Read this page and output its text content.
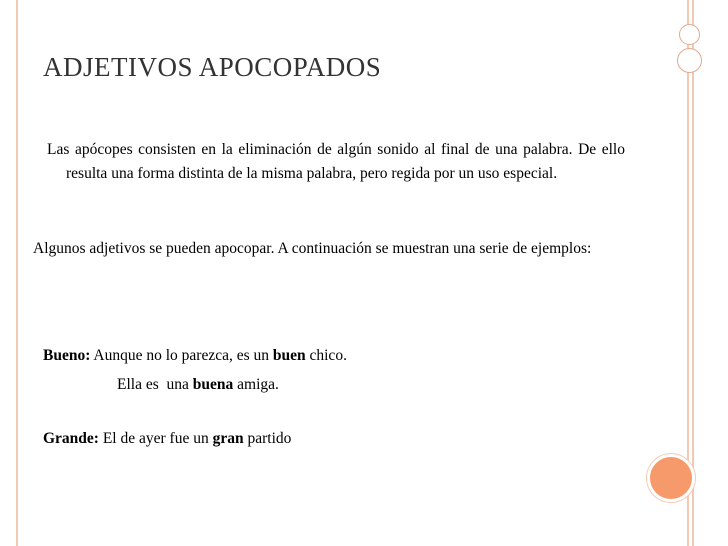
ADJETIVOS APOCOPADOS
Las apócopes consisten en la eliminación de algún sonido al final de una palabra. De ello resulta una forma distinta de la misma palabra, pero regida por un uso especial.
Algunos adjetivos se pueden apocopar. A continuación se muestran una serie de ejemplos:
Bueno: Aunque no lo parezca, es un buen chico.
Ella es  una buena amiga.
Grande: El de ayer fue un gran partido
